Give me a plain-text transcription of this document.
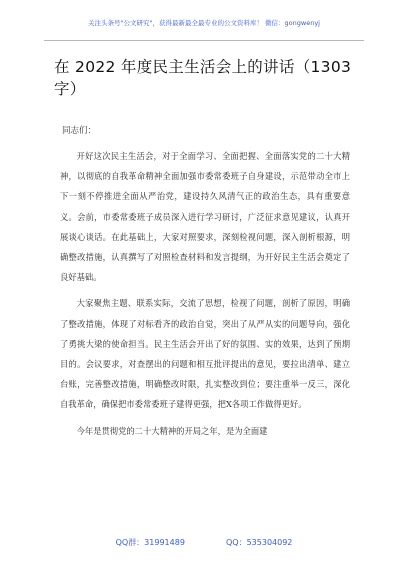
关注头条号"公文研究"，获得最新最全最专业的公文资料库！ 微信：gongwenyj
在 2022 年度民主生活会上的讲话（1303字）
同志们：

开好这次民主生活会，对于全面学习、全面把握、全面落实党的二十大精神，以彻底的自我革命精神全面加强市委常委班子自身建设，示范带动全市上下一刻不停推进全面从严治党，建设持久风清气正的政治生态，具有重要意义。会前，市委常委班子成员深入进行学习研讨，广泛征求意见建议，认真开展谈心谈话。在此基础上，大家对照要求，深刻检视问题，深入剖析根源，明确整改措施，认真撰写了对照检查材料和发言提纲，为开好民主生活会奠定了良好基础。

大家聚焦主题、联系实际，交流了思想，检视了问题，剖析了原因，明确了整改措施，体现了对标看齐的政治自觉，突出了从严从实的问题导向，强化了勇挑大梁的使命担当。民主生活会开出了好的氛围、实的效果，达到了预期目的。会议要求，对查摆出的问题和相互批评提出的意见，要拉出清单、建立台账，完善整改措施，明确整改时限，扎实整改到位；要注重举一反三，深化自我革命，确保把市委常委班子建得更强，把X各项工作做得更好。

今年是贯彻党的二十大精神的开局之年，是为全面建

QQ群：31991489	QQ：535304092
